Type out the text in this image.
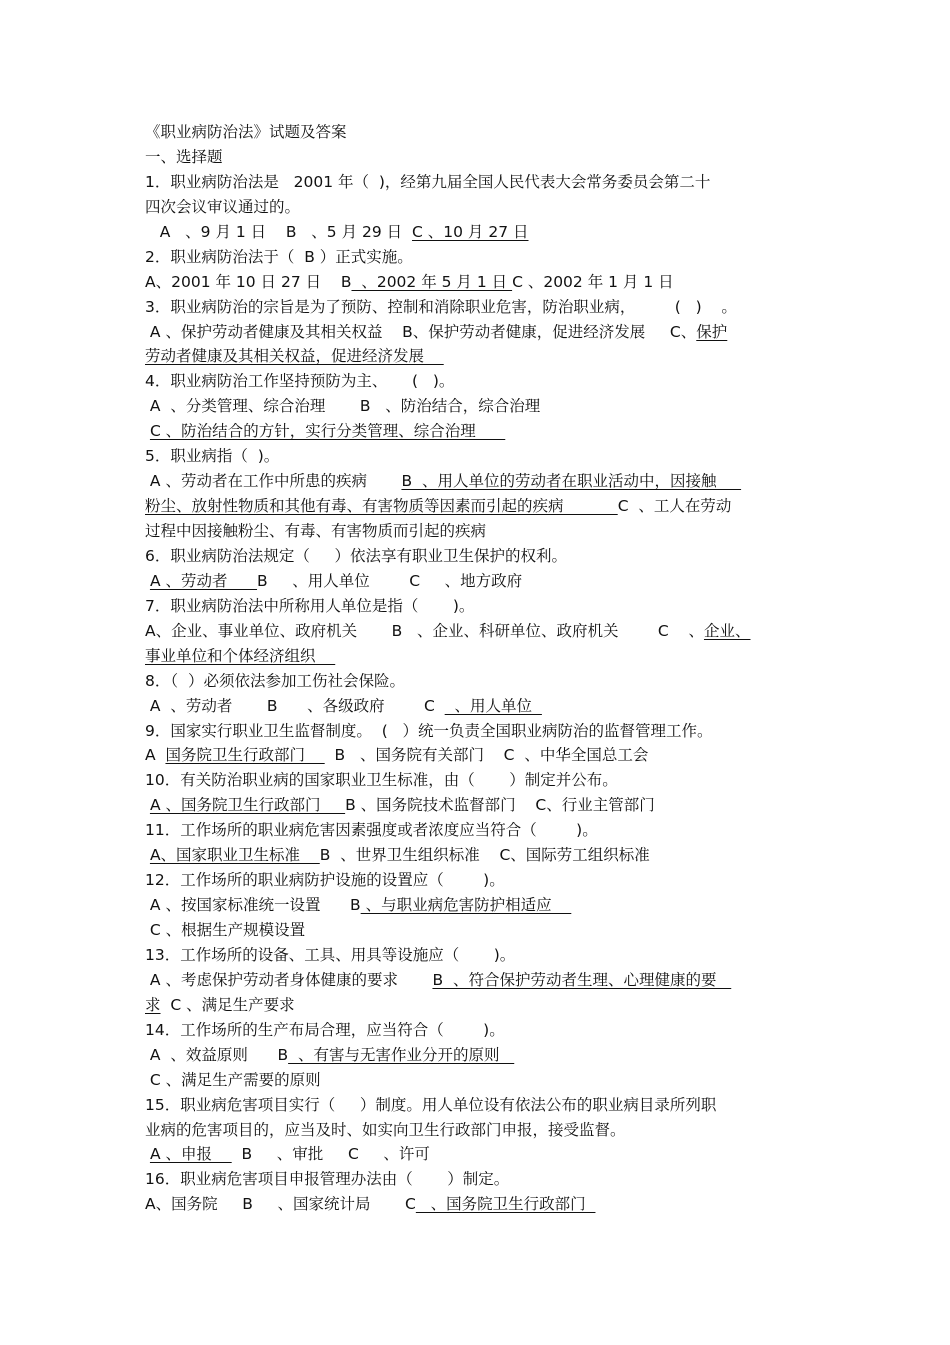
《职业病防治法》试题及答案
一、选择题
1．职业病防治法是   2001 年（  )，经第九届全国人民代表大会常务委员会第二十
四次会议审议通过的。
A   、9 月 1 日    B   、5 月 29 日  C 、10 月 27 日
2．职业病防治法于（  B ）正式实施。
A、2001 年 10 日 27 日    B  、2002 年 5 月 1 日 C 、2002 年 1 月 1 日
3．职业病防治的宗旨是为了预防、控制和消除职业危害，防治职业病，        (   )    。
A 、保护劳动者健康及其相关权益    B、保护劳动者健康，促进经济发展     C、保护
劳动者健康及其相关权益，促进经济发展
4．职业病防治工作坚持预防为主、     (   )。
A  、分类管理、综合治理       B   、防治结合，综合治理
C 、防治结合的方针，实行分类管理、综合治理
5．职业病指（  )。
A 、劳动者在工作中所患的疾病       B  、用人单位的劳动者在职业活动中，因接触
粉尘、放射性物质和其他有毒、有害物质等因素而引起的疾病           C  、工人在劳动
过程中因接触粉尘、有毒、有害物质而引起的疾病
6．职业病防治法规定（     ）依法享有职业卫生保护的权利。
A 、劳动者      B     、用人单位        C     、地方政府
7．职业病防治法中所称用人单位是指（       )。
A、企业、事业单位、政府机关       B   、企业、科研单位、政府机关        C    、企业、
事业单位和个体经济组织
8．（  ）必须依法参加工伤社会保险。
A  、劳动者       B      、各级政府        C    、用人单位
9．国家实行职业卫生监督制度。  (   ）统一负责全国职业病防治的监督管理工作。
A  国务院卫生行政部门      B   、国务院有关部门    C  、中华全国总工会
10．有关防治职业病的国家职业卫生标准，由（       ）制定并公布。
A 、国务院卫生行政部门     B 、国务院技术监督部门    C、行业主管部门
11．工作场所的职业病危害因素强度或者浓度应当符合（        )。
A、国家职业卫生标准    B  、世界卫生组织标准    C、国际劳工组织标准
12．工作场所的职业病防护设施的设置应（        )。
A 、按国家标准统一设置      B 、与职业病危害防护相适应
C 、根据生产规模设置
13．工作场所的设备、工具、用具等设施应（       )。
A 、考虑保护劳动者身体健康的要求       B  、符合保护劳动者生理、心理健康的要
求  C 、满足生产要求
14．工作场所的生产布局合理，应当符合（        )。
A  、效益原则      B  、有害与无害作业分开的原则
C 、满足生产需要的原则
15．职业病危害项目实行（     ）制度。用人单位设有依法公布的职业病目录所列职
业病的危害项目的，应当及时、如实向卫生行政部门申报，接受监督。
A 、申报      B     、审批     C     、许可
16．职业病危害项目申报管理办法由（       ）制定。
A、国务院     B     、国家统计局       C   、国务院卫生行政部门
